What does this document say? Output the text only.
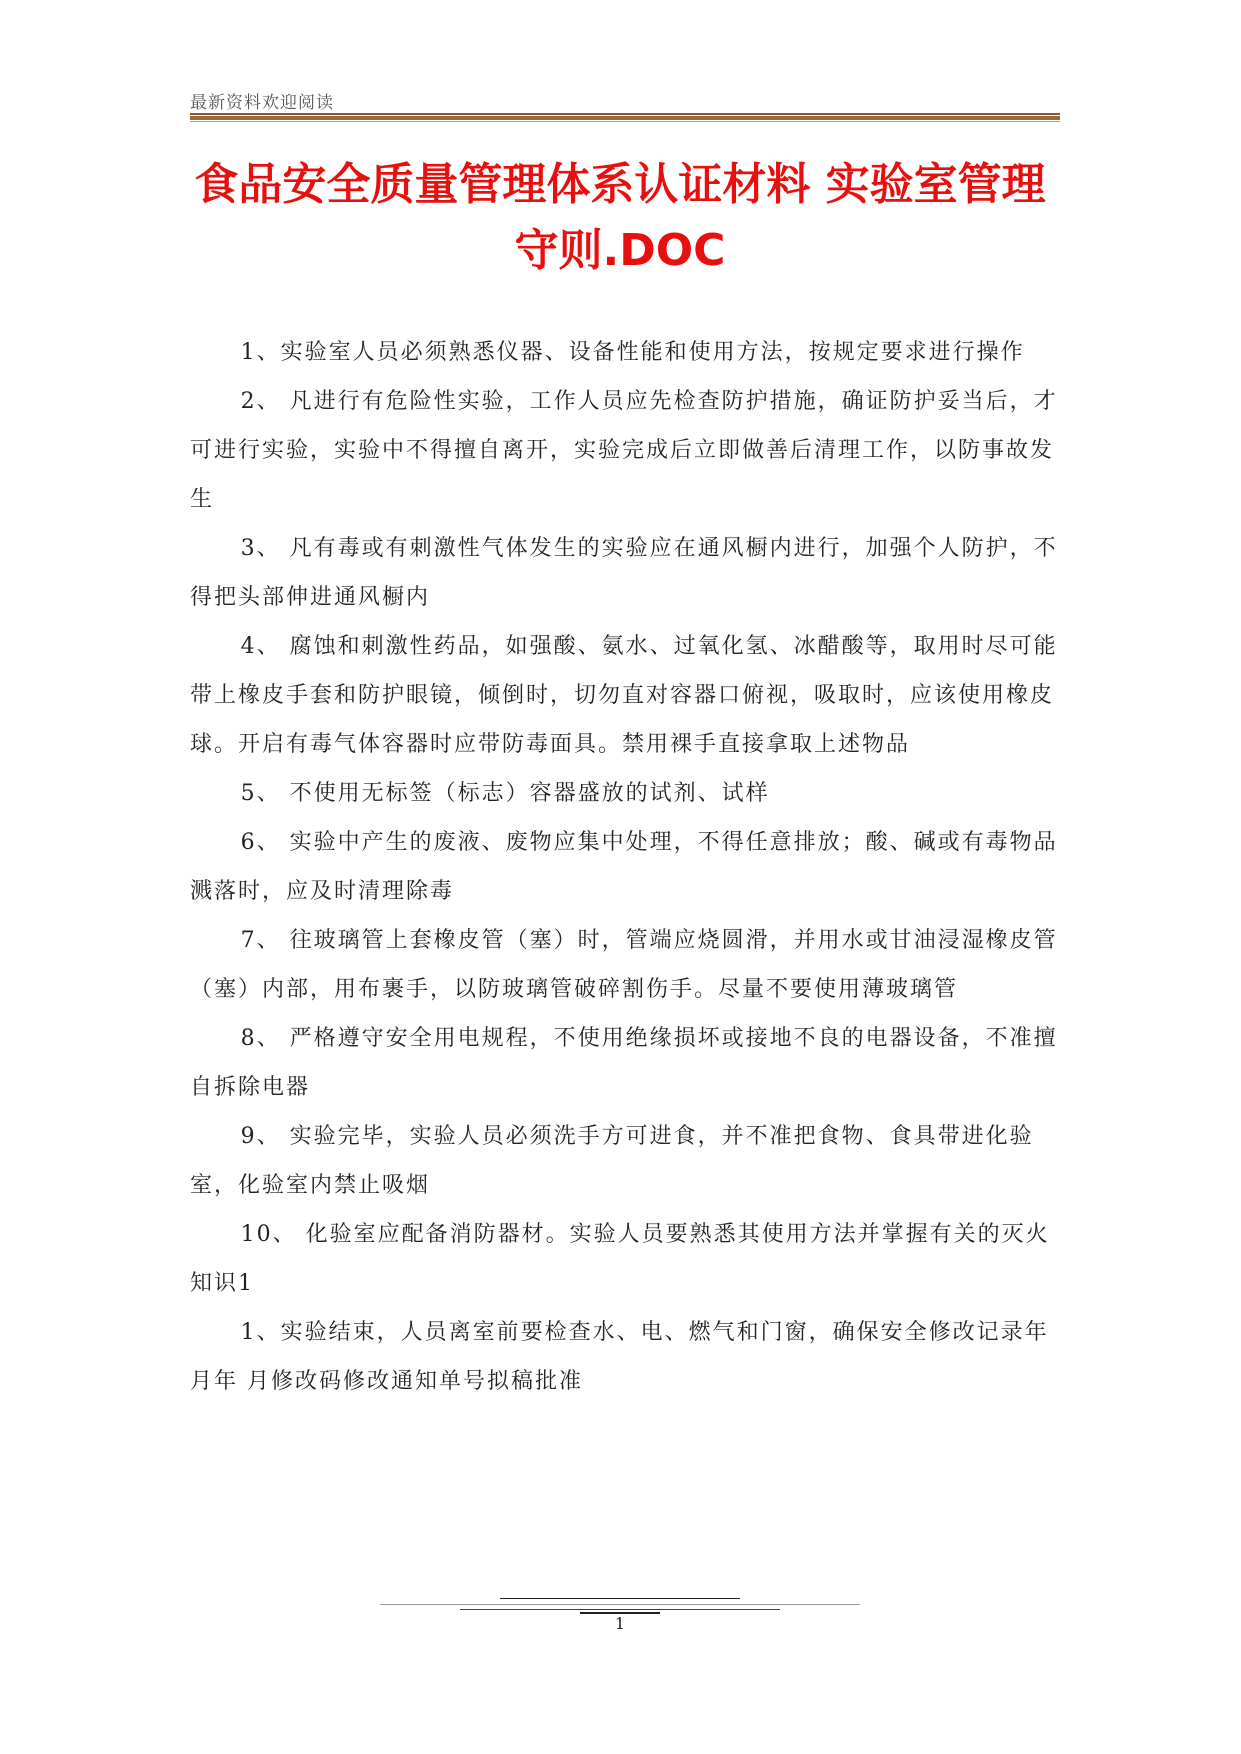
最新资料欢迎阅读
食品安全质量管理体系认证材料 实验室管理守则.DOC

1、实验室人员必须熟悉仪器、设备性能和使用方法，按规定要求进行操作

2、 凡进行有危险性实验，工作人员应先检查防护措施，确证防护妥当后，才可进行实验，实验中不得擅自离开，实验完成后立即做善后清理工作，以防事故发生

3、 凡有毒或有刺激性气体发生的实验应在通风橱内进行，加强个人防护，不得把头部伸进通风橱内

4、 腐蚀和刺激性药品，如强酸、氨水、过氧化氢、冰醋酸等，取用时尽可能带上橡皮手套和防护眼镜，倾倒时，切勿直对容器口俯视，吸取时，应该使用橡皮球。开启有毒气体容器时应带防毒面具。禁用裸手直接拿取上述物品

5、 不使用无标签（标志）容器盛放的试剂、试样

6、 实验中产生的废液、废物应集中处理，不得任意排放；酸、碱或有毒物品溅落时，应及时清理除毒

7、 往玻璃管上套橡皮管（塞）时，管端应烧圆滑，并用水或甘油浸湿橡皮管（塞）内部，用布裹手，以防玻璃管破碎割伤手。尽量不要使用薄玻璃管

8、 严格遵守安全用电规程，不使用绝缘损坏或接地不良的电器设备，不准擅自拆除电器

9、 实验完毕，实验人员必须洗手方可进食，并不准把食物、食具带进化验室，化验室内禁止吸烟

10、 化验室应配备消防器材。实验人员要熟悉其使用方法并掌握有关的灭火知识1

1、实验结束，人员离室前要检查水、电、燃气和门窗，确保安全修改记录年 月年 月修改码修改通知单号拟稿批准

1
